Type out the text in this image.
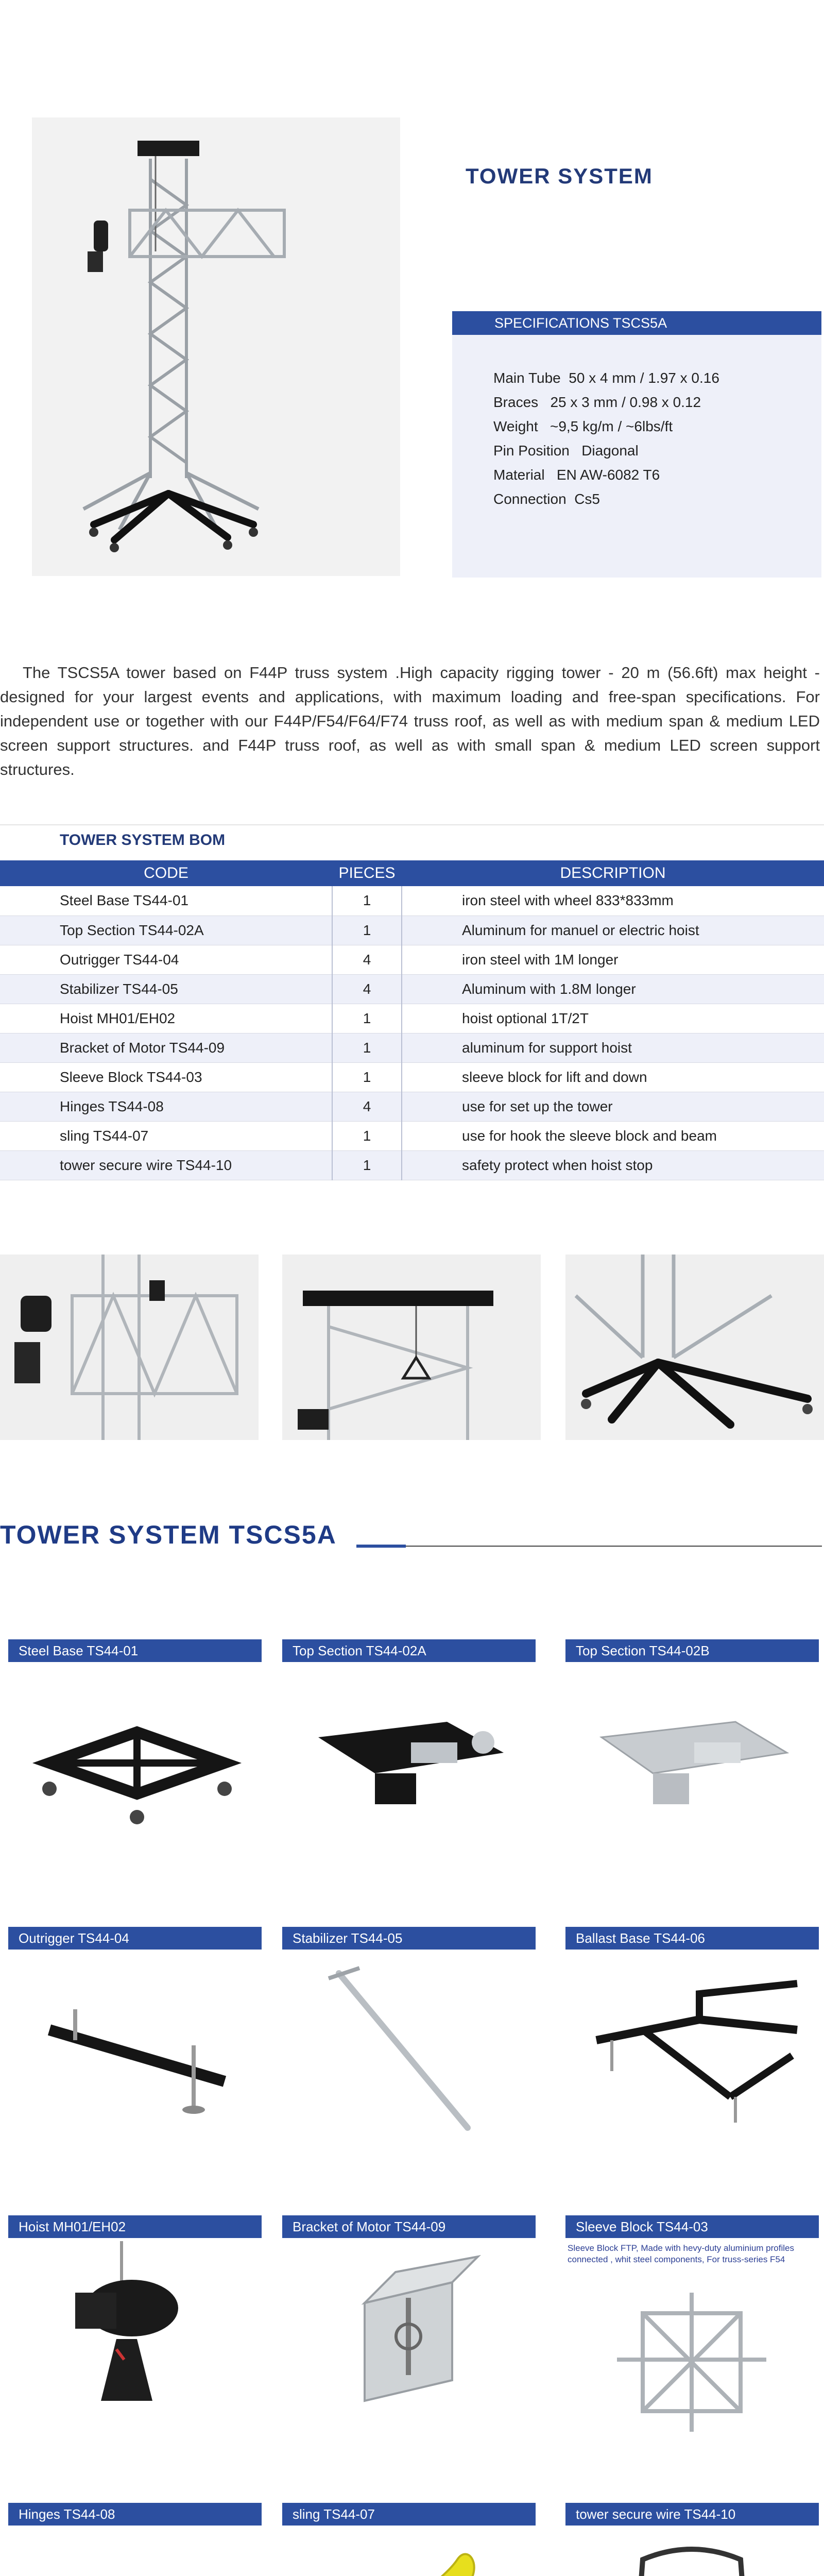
TOWER SYSTEM
SPECIFICATIONS TSCS5A
Main Tube  50 x 4 mm / 1.97 x 0.16
Braces   25 x 3 mm / 0.98 x 0.12
Weight   ~9,5 kg/m / ~6lbs/ft
Pin Position   Diagonal
Material   EN AW-6082 T6
Connection  Cs5

The TSCS5A tower based on F44P truss system .High capacity rigging tower - 20 m (56.6ft) max height - designed for your largest events and applications, with maximum loading and free-span specifications. For independent use or together with our F44P/F54/F64/F74 truss roof, as well as with medium span & medium LED screen support structures. and F44P truss roof, as well as with small span & medium LED screen support structures.

TOWER SYSTEM BOM
CODE	PIECES	DESCRIPTION
Steel Base TS44-01	1	iron steel with wheel 833*833mm
Top Section TS44-02A	1	Aluminum for manuel or electric hoist
Outrigger TS44-04	4	iron steel with 1M longer
Stabilizer TS44-05	4	Aluminum with 1.8M longer
Hoist MH01/EH02	1	hoist optional 1T/2T
Bracket of Motor TS44-09	1	aluminum for support hoist
Sleeve Block TS44-03	1	sleeve block for lift and down
Hinges TS44-08	4	use for set up the tower
sling TS44-07	1	use for hook the sleeve block and beam
tower secure wire TS44-10	1	safety protect when hoist stop
TOWER SYSTEM TSCS5A
Steel Base TS44-01	Top Section TS44-02A	Top Section TS44-02B
Outrigger TS44-04	Stabilizer TS44-05	Ballast Base TS44-06
Hoist MH01/EH02	Bracket of Motor TS44-09	Sleeve Block TS44-03
Sleeve Block FTP, Made with hevy-duty aluminium profiles connected , whit steel components, For truss-series F54
Hinges TS44-08	sling TS44-07	tower secure wire TS44-10
